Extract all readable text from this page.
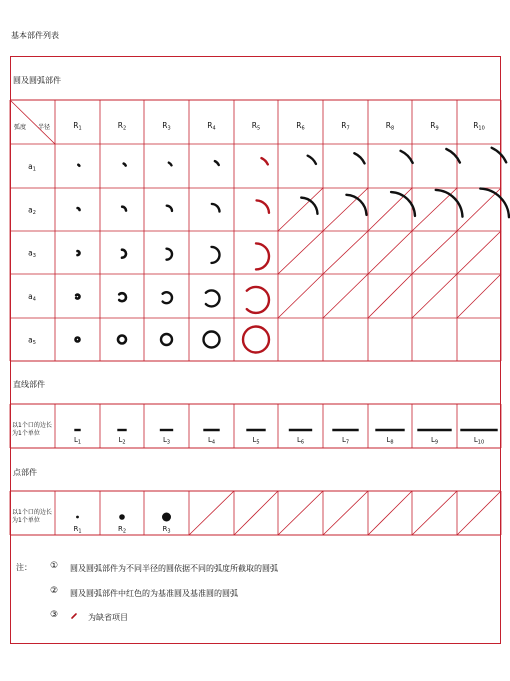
基本部件列表
圆及圆弧部件
直线部件
点部件
弧度 半径
以1个口的边长
为1个单位
以1个口的边长
为1个单位
注： ① 圆及圆弧部件为不同半径的圆依据不同的弧度所截取的圆弧
② 圆及圆弧部件中红色的为基准圆及基准圆的圆弧
③	为缺省项目
$R_1$	$R_2$	$R_3$	$R_4$	$R_5$	$R_6$	$R_7$	$R_8$	$R_9$	$R_{10}$
$a_1$
$a_2$
$a_3$
$a_4$
$a_5$
$L_1$	$L_2$	$L_3$	$L_4$	$L_5$	$L_6$	$L_7$	$L_8$	$L_9$	$L_{10}$
$R_1$	$R_2$	$R_3$
